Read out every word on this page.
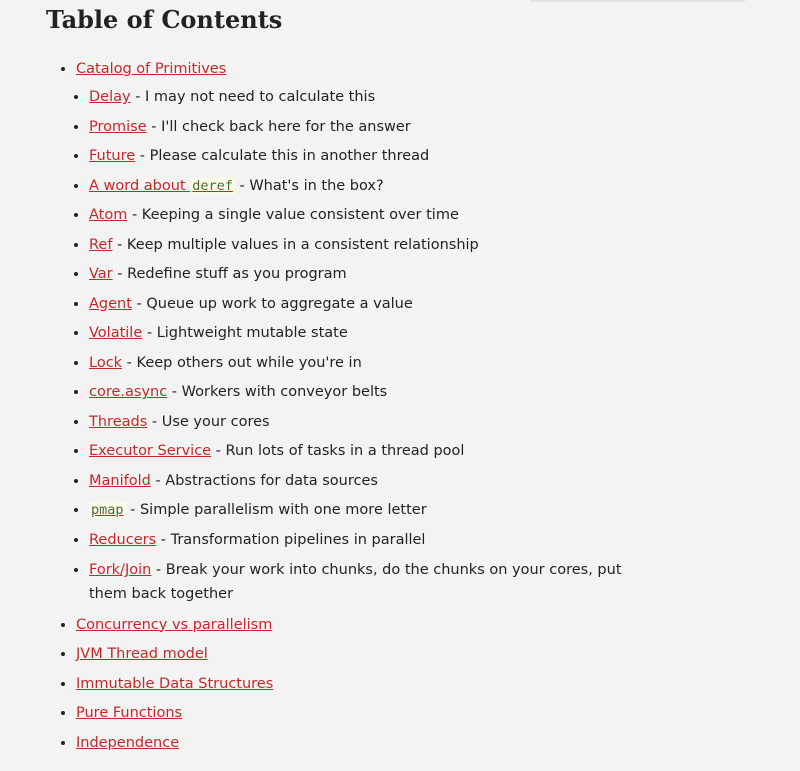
Table of Contents
• Catalog of Primitives
• Delay - I may not need to calculate this
• Promise - I'll check back here for the answer
• Future - Please calculate this in another thread
• A word about deref - What's in the box?
• Atom - Keeping a single value consistent over time
• Ref - Keep multiple values in a consistent relationship
• Var - Redefine stuff as you program
• Agent - Queue up work to aggregate a value
• Volatile - Lightweight mutable state
• Lock - Keep others out while you're in
• core.async - Workers with conveyor belts
• Threads - Use your cores
• Executor Service - Run lots of tasks in a thread pool
• Manifold - Abstractions for data sources
• pmap - Simple parallelism with one more letter
• Reducers - Transformation pipelines in parallel
• Fork/Join - Break your work into chunks, do the chunks on your cores, put them back together
• Concurrency vs parallelism
• JVM Thread model
• Immutable Data Structures
• Pure Functions
• Independence
